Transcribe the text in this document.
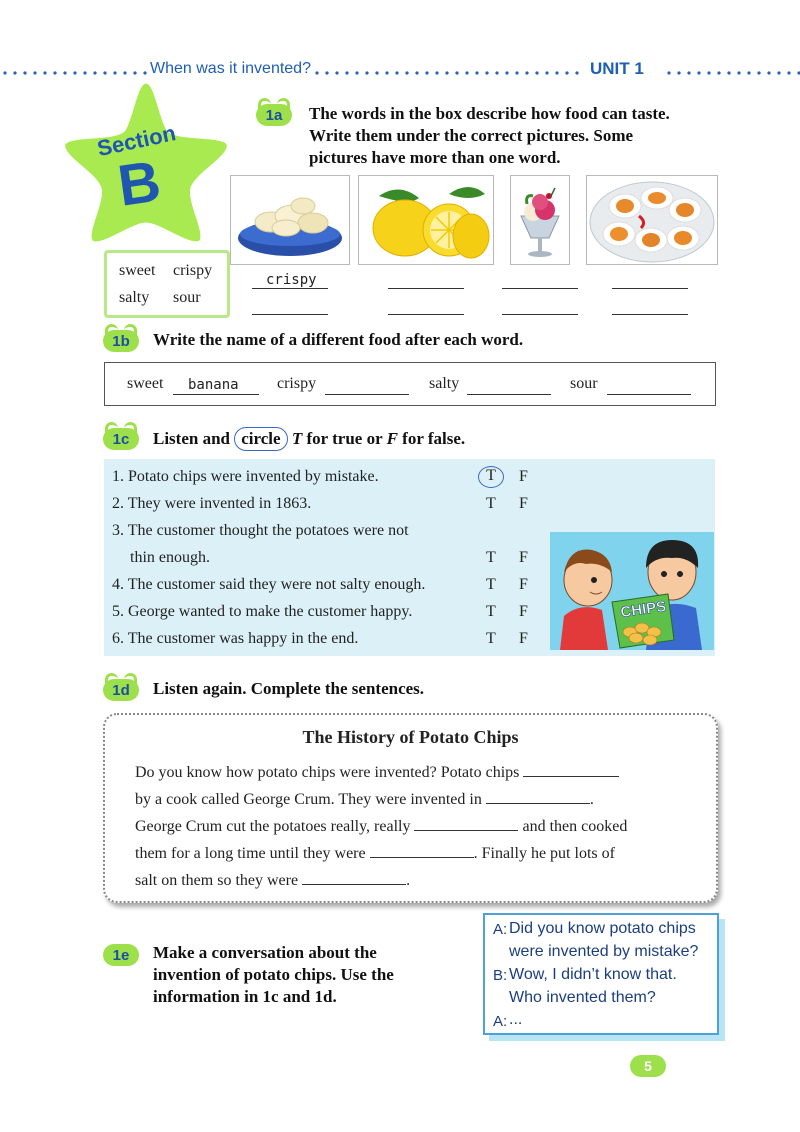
When was it invented?	UNIT 1
Section
B
1a	The words in the box describe how food can taste.
Write them under the correct pictures. Some
pictures have more than one word.
sweet crispy
salty sour
crispy
1b	Write the name of a different food after each word.
sweet banana crispy	salty	sour
1c	Listen and circle T for true or F for false.
1. Potato chips were invented by mistake.	T	F
2. They were invented in 1863.	T F
3. The customer thought the potatoes were not
thin enough.	T F
4. The customer said they were not salty enough.	T F
5. George wanted to make the customer happy.	T F
6. The customer was happy in the end.	T F
CHIPS
1d	Listen again. Complete the sentences.
The History of Potato Chips
Do you know how potato chips were invented? Potato chips
by a cook called George Crum. They were invented in	.
George Crum cut the potatoes really, really	and then cooked
them for a long time until they were	. Finally he put lots of
salt on them so they were	.
1e	Make a conversation about the
invention of potato chips. Use the
information in 1c and 1d.
A: Did you know potato chips
were invented by mistake?
B: Wow, I didn’t know that.
Who invented them?
A: ...
5
